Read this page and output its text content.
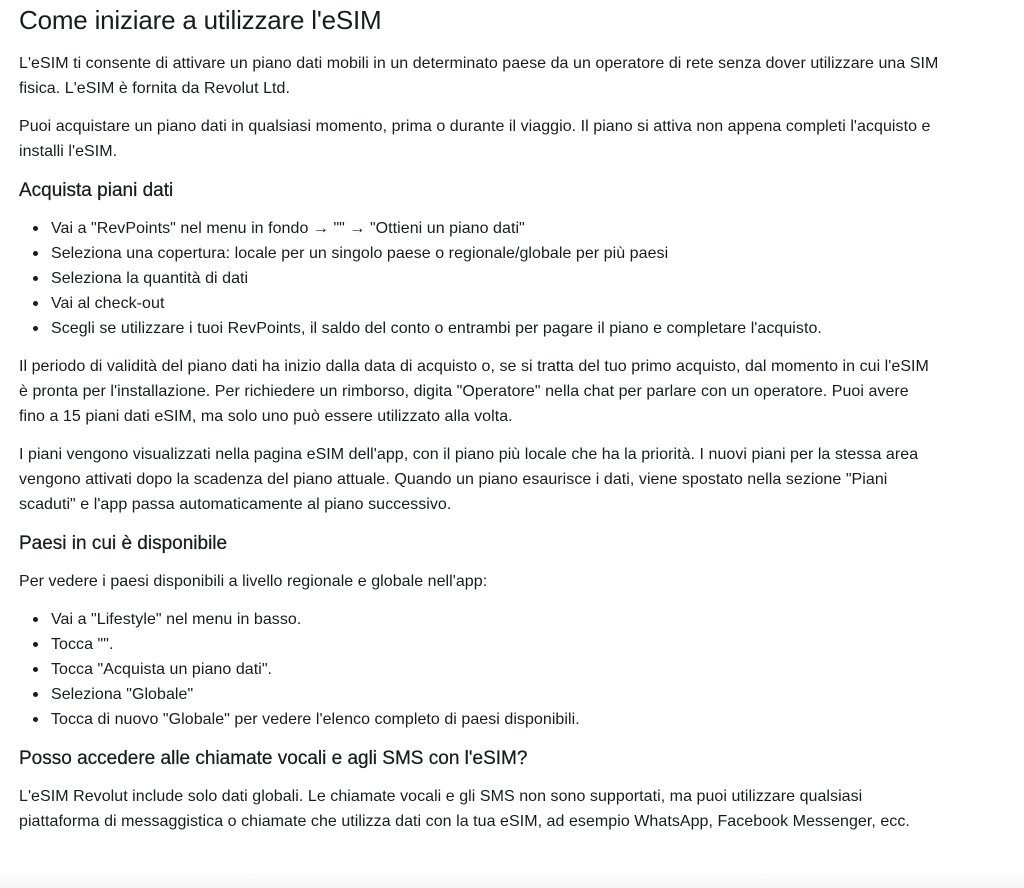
Come iniziare a utilizzare l'eSIM

L'eSIM ti consente di attivare un piano dati mobili in un determinato paese da un operatore di rete senza dover utilizzare una SIM fisica. L'eSIM è fornita da Revolut Ltd.

Puoi acquistare un piano dati in qualsiasi momento, prima o durante il viaggio. Il piano si attiva non appena completi l'acquisto e installi l'eSIM.

Acquista piani dati
Vai a "RevPoints" nel menu in fondo → "" → "Ottieni un piano dati"
Seleziona una copertura: locale per un singolo paese o regionale/globale per più paesi
Seleziona la quantità di dati
Vai al check-out
Scegli se utilizzare i tuoi RevPoints, il saldo del conto o entrambi per pagare il piano e completare l'acquisto.

Il periodo di validità del piano dati ha inizio dalla data di acquisto o, se si tratta del tuo primo acquisto, dal momento in cui l'eSIM è pronta per l'installazione. Per richiedere un rimborso, digita "Operatore" nella chat per parlare con un operatore. Puoi avere fino a 15 piani dati eSIM, ma solo uno può essere utilizzato alla volta.

I piani vengono visualizzati nella pagina eSIM dell'app, con il piano più locale che ha la priorità. I nuovi piani per la stessa area vengono attivati dopo la scadenza del piano attuale. Quando un piano esaurisce i dati, viene spostato nella sezione "Piani scaduti" e l'app passa automaticamente al piano successivo.

Paesi in cui è disponibile

Per vedere i paesi disponibili a livello regionale e globale nell'app:

Vai a "Lifestyle" nel menu in basso.
Tocca "".
Tocca "Acquista un piano dati".
Seleziona "Globale"
Tocca di nuovo "Globale" per vedere l'elenco completo di paesi disponibili.
Posso accedere alle chiamate vocali e agli SMS con l'eSIM?

L'eSIM Revolut include solo dati globali. Le chiamate vocali e gli SMS non sono supportati, ma puoi utilizzare qualsiasi piattaforma di messaggistica o chiamate che utilizza dati con la tua eSIM, ad esempio WhatsApp, Facebook Messenger, ecc.
